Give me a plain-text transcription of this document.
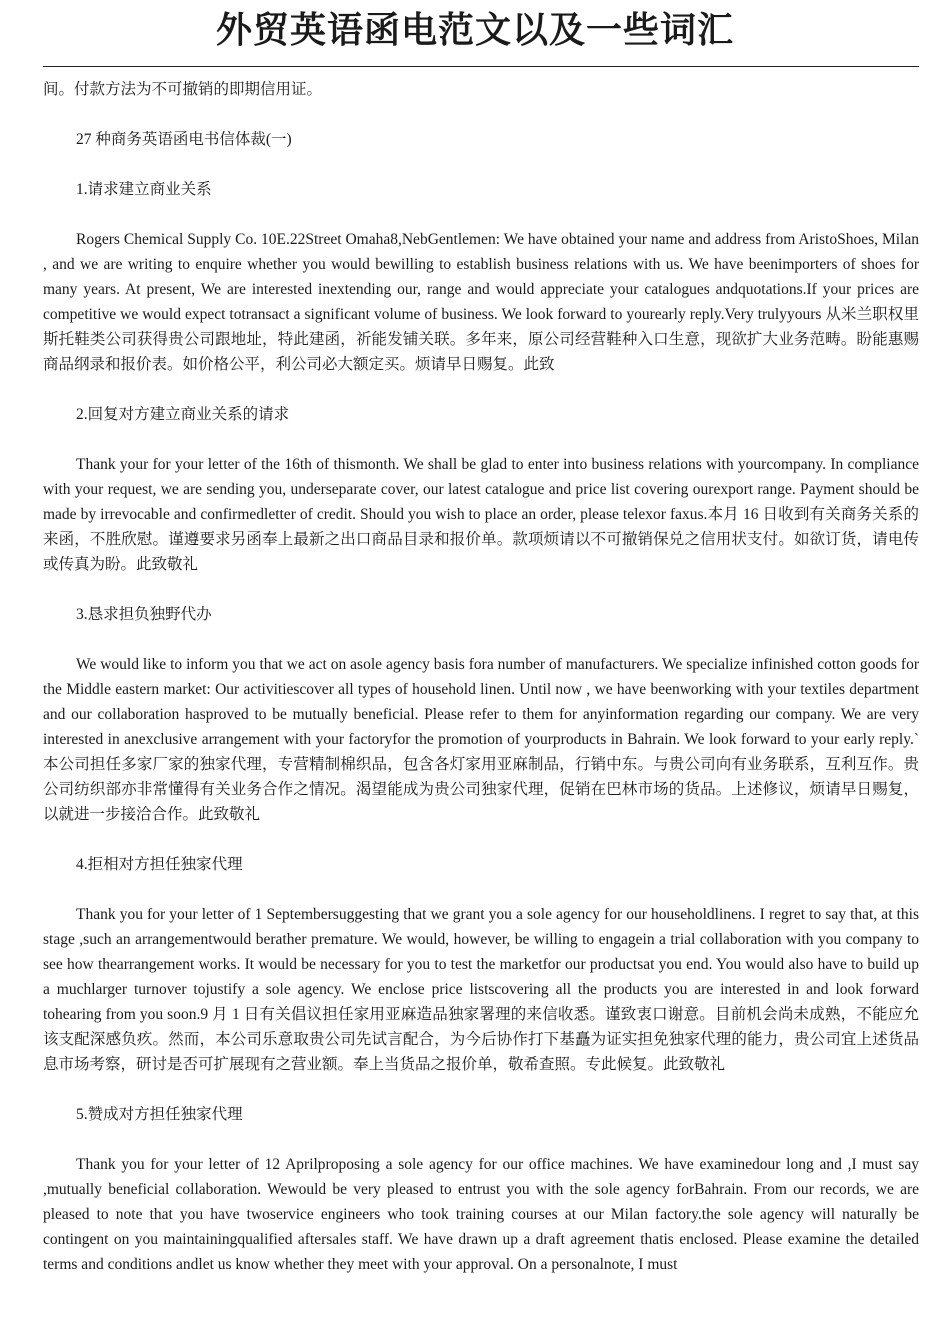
外贸英语函电范文以及一些词汇

间。付款方法为不可撤销的即期信用证。

27 种商务英语函电书信体裁(一)

1.请求建立商业关系

Rogers Chemical Supply Co. 10E.22Street Omaha8,NebGentlemen: We have obtained your name and address from AristoShoes, Milan , and we are writing to enquire whether you would bewilling to establish business relations with us. We have beenimporters of shoes for many years. At present, We are interested inextending our, range and would appreciate your catalogues andquotations.If your prices are competitive we would expect totransact a significant volume of business. We look forward to yourearly reply.Very trulyyours 从米兰职权里斯托鞋类公司获得贵公司跟地址，特此建函，祈能发铺关联。多年来，原公司经营鞋种入口生意，现欲扩大业务范畴。盼能惠赐商品纲录和报价表。如价格公平，利公司必大额定买。烦请早日赐复。此致

2.回复对方建立商业关系的请求

Thank your for your letter of the 16th of thismonth. We shall be glad to enter into business relations with yourcompany. In compliance with your request, we are sending you, underseparate cover, our latest catalogue and price list covering ourexport range. Payment should be made by irrevocable and confirmedletter of credit. Should you wish to place an order, please telexor faxus.本月 16 日收到有关商务关系的来函，不胜欣慰。谨遵要求另函奉上最新之出口商品目录和报价单。款项烦请以不可撤销保兑之信用状支付。如欲订货，请电传或传真为盼。此致敬礼

3.恳求担负独野代办

We would like to inform you that we act on asole agency basis fora number of manufacturers. We specialize infinished cotton goods for the Middle eastern market: Our activitiescover all types of household linen. Until now , we have beenworking with your textiles department and our collaboration hasproved to be mutually beneficial. Please refer to them for anyinformation regarding our company. We are very interested in anexclusive arrangement with your factoryfor the promotion of yourproducts in Bahrain. We look forward to your early reply.`本公司担任多家厂家的独家代理，专营精制棉织品，包含各灯家用亚麻制品，行销中东。与贵公司向有业务联系，互利互作。贵公司纺织部亦非常懂得有关业务合作之情况。渴望能成为贵公司独家代理，促销在巴林市场的货品。上述修议，烦请早日赐复，以就进一步接洽合作。此致敬礼

4.拒相对方担任独家代理

Thank you for your letter of 1 Septembersuggesting that we grant you a sole agency for our householdlinens. I regret to say that, at this stage ,such an arrangementwould berather premature. We would, however, be willing to engagein a trial collaboration with you company to see how thearrangement works. It would be necessary for you to test the marketfor our productsat you end. You would also have to build up a muchlarger turnover tojustify a sole agency. We enclose price listscovering all the products you are interested in and look forward tohearing from you soon.9 月 1 日有关倡议担任家用亚麻造品独家署理的来信收悉。谨致衷口谢意。目前机会尚未成熟，不能应允该支配深感负疚。然而，本公司乐意取贵公司先试言配合，为今后协作打下基矗为证实担免独家代理的能力，贵公司宜上述货品息市场考察，研讨是否可扩展现有之营业额。奉上当货品之报价单，敬希查照。专此候复。此致敬礼

5.赞成对方担任独家代理

Thank you for your letter of 12 Aprilproposing a sole agency for our office machines. We have examinedour long and ,I must say ,mutually beneficial collaboration. Wewould be very pleased to entrust you with the sole agency forBahrain. From our records, we are pleased to note that you have twoservice engineers who took training courses at our Milan factory.the sole agency will naturally be contingent on you maintainingqualified aftersales staff. We have drawn up a draft agreement thatis enclosed. Please examine the detailed terms and conditions andlet us know whether they meet with your approval. On a personalnote, I must
